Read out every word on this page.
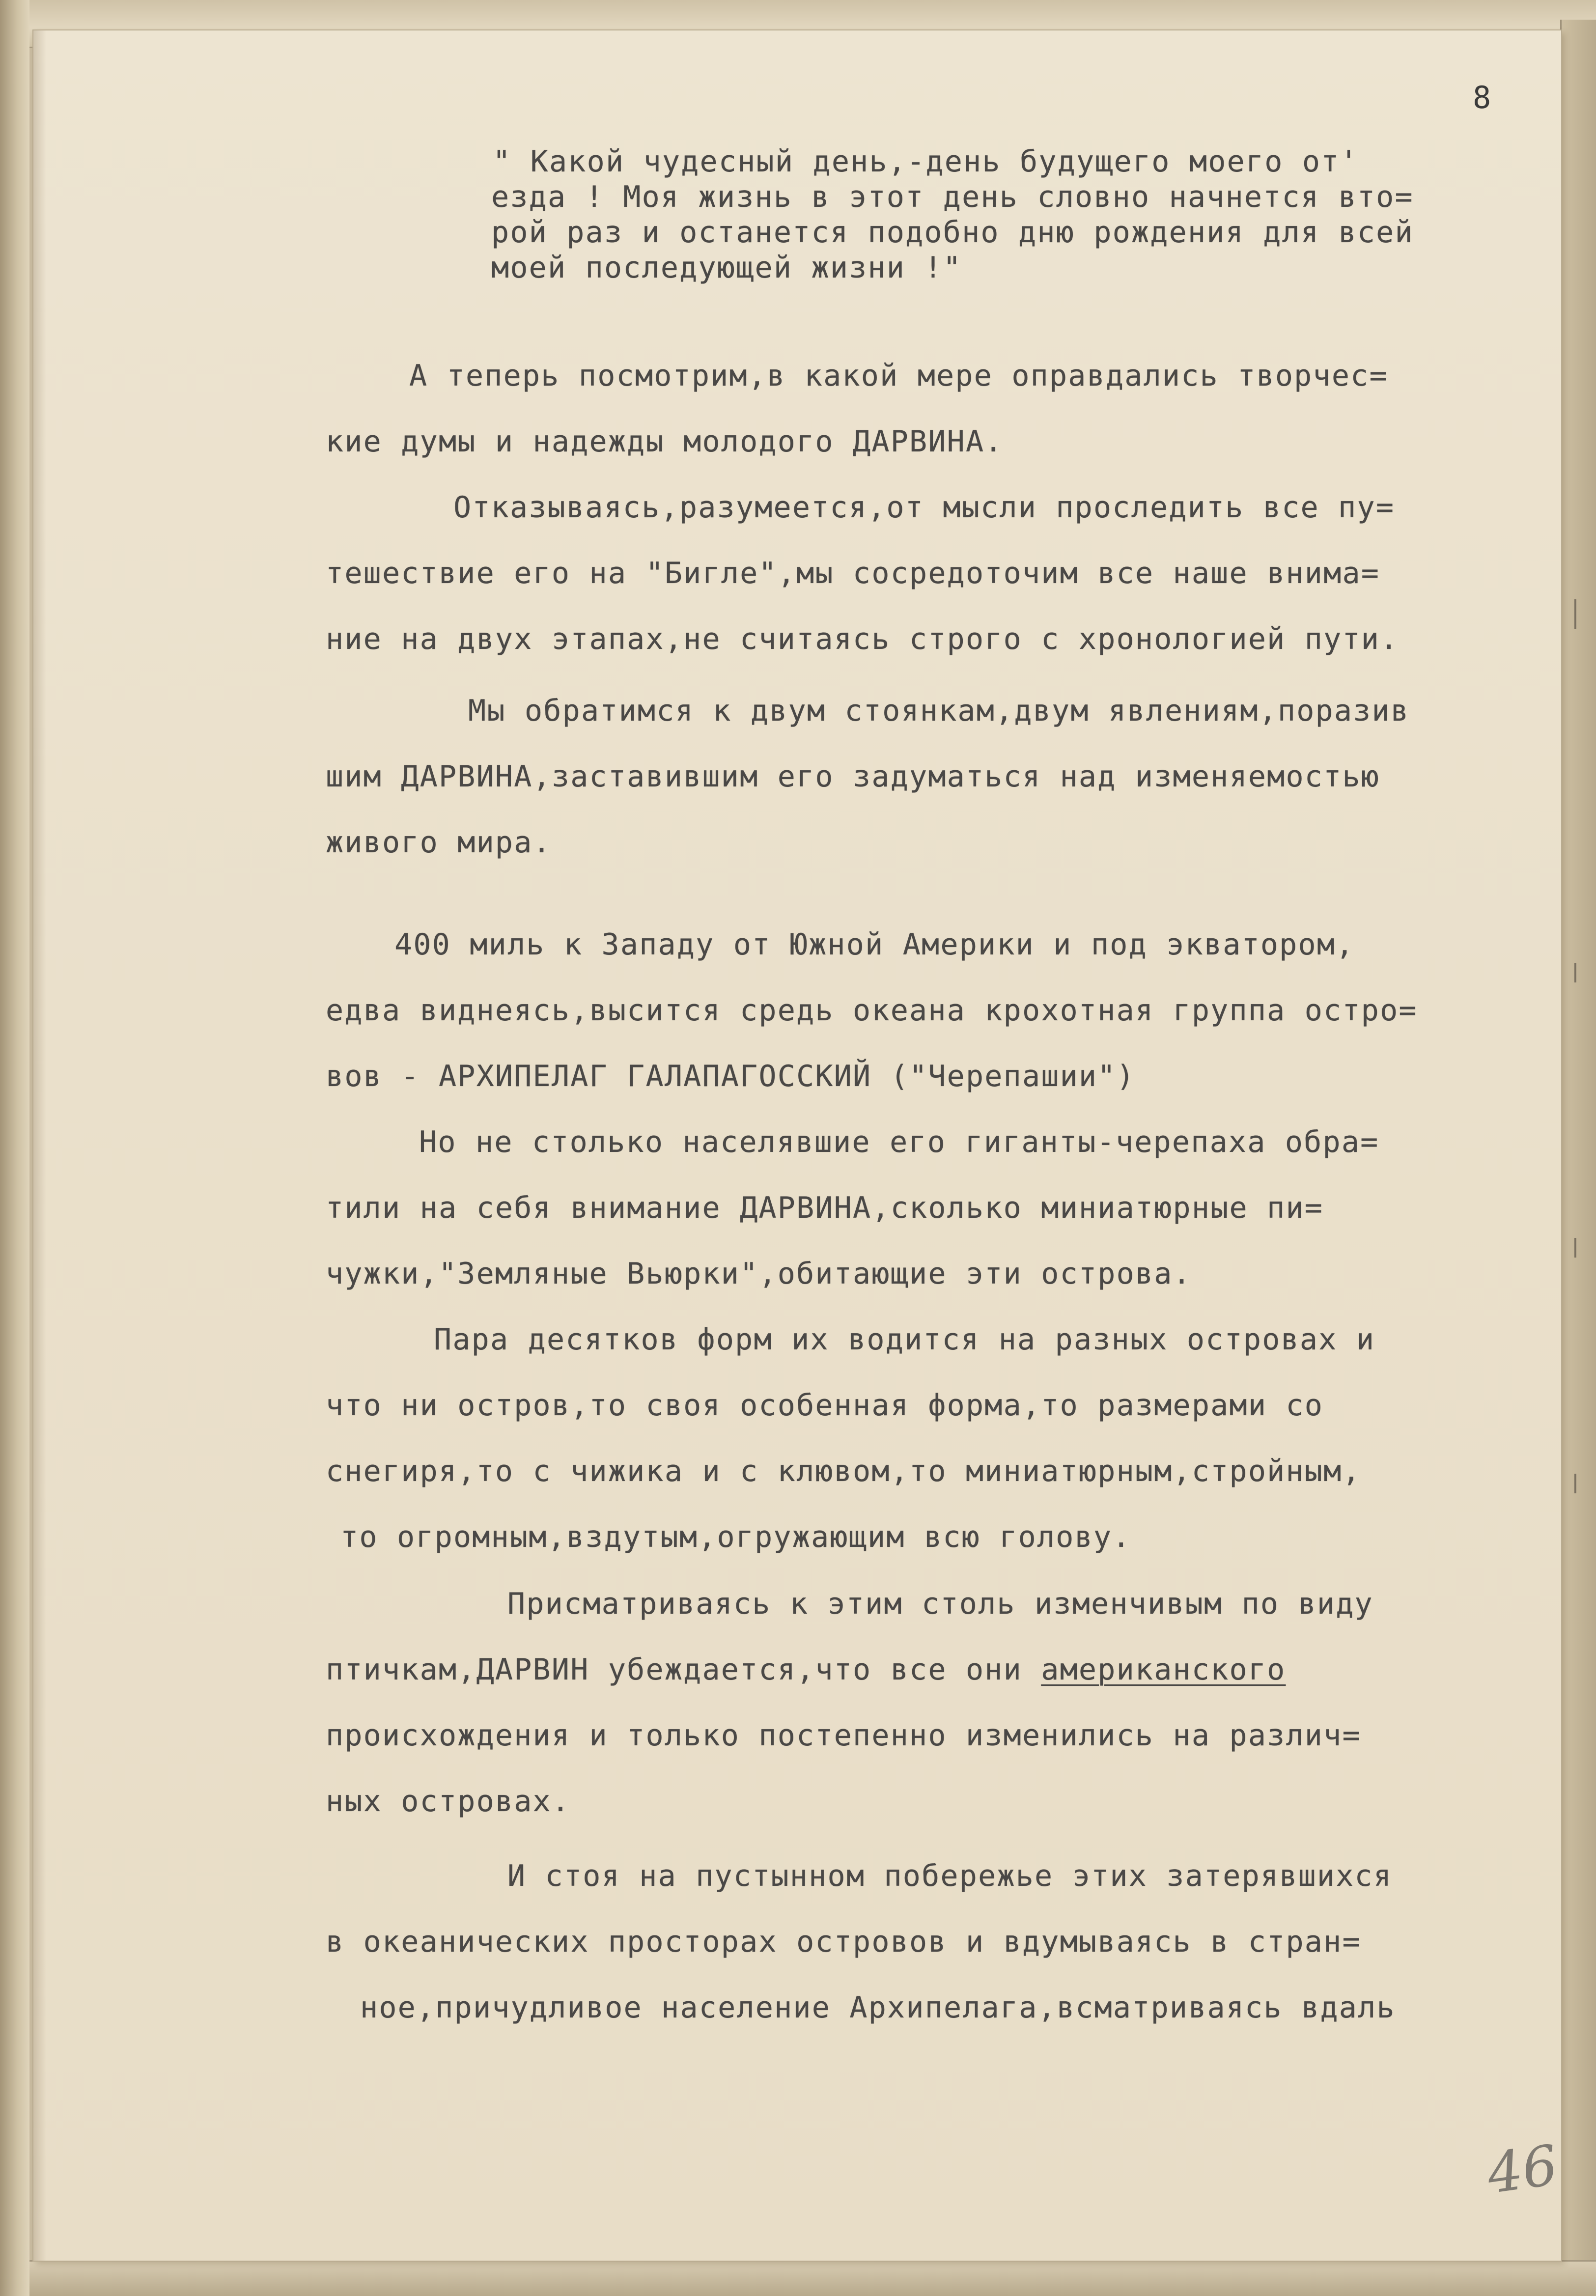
8
" Какой чудесный день,-день будущего моего от'
езда ! Моя жизнь в этот день словно начнется вто=
рой раз и останется подобно дню рождения для всей
моей последующей жизни !"
А теперь посмотрим,в какой мере оправдались творчес=
кие думы и надежды молодого ДАРВИНА.
Отказываясь,разумеется,от мысли проследить все пу=
тешествие его на "Бигле",мы сосредоточим все наше внима=
ние на двух этапах,не считаясь строго с хронологией пути.
Мы обратимся к двум стоянкам,двум явлениям,поразив
шим ДАРВИНА,заставившим его задуматься над изменяемостью
живого мира.
400 миль к Западу от Южной Америки и под экватором,
едва виднеясь,высится средь океана крохотная группа остро=
вов - АРХИПЕЛАГ ГАЛАПАГОССКИЙ ("Черепашии")
Но не столько населявшие его гиганты-черепаха обра=
тили на себя внимание ДАРВИНА,сколько миниатюрные пи=
чужки,"Земляные Вьюрки",обитающие эти острова.
Пара десятков форм их водится на разных островах и
что ни остров,то своя особенная форма,то размерами со
снегиря,то с чижика и с клювом,то миниатюрным,стройным,
то огромным,вздутым,огружающим всю голову.
Присматриваясь к этим столь изменчивым по виду
птичкам,ДАРВИН убеждается,что все они американского
происхождения и только постепенно изменились на различ=
ных островах.
И стоя на пустынном побережье этих затерявшихся
в океанических просторах островов и вдумываясь в стран=
ное,причудливое население Архипелага,всматриваясь вдаль
46
